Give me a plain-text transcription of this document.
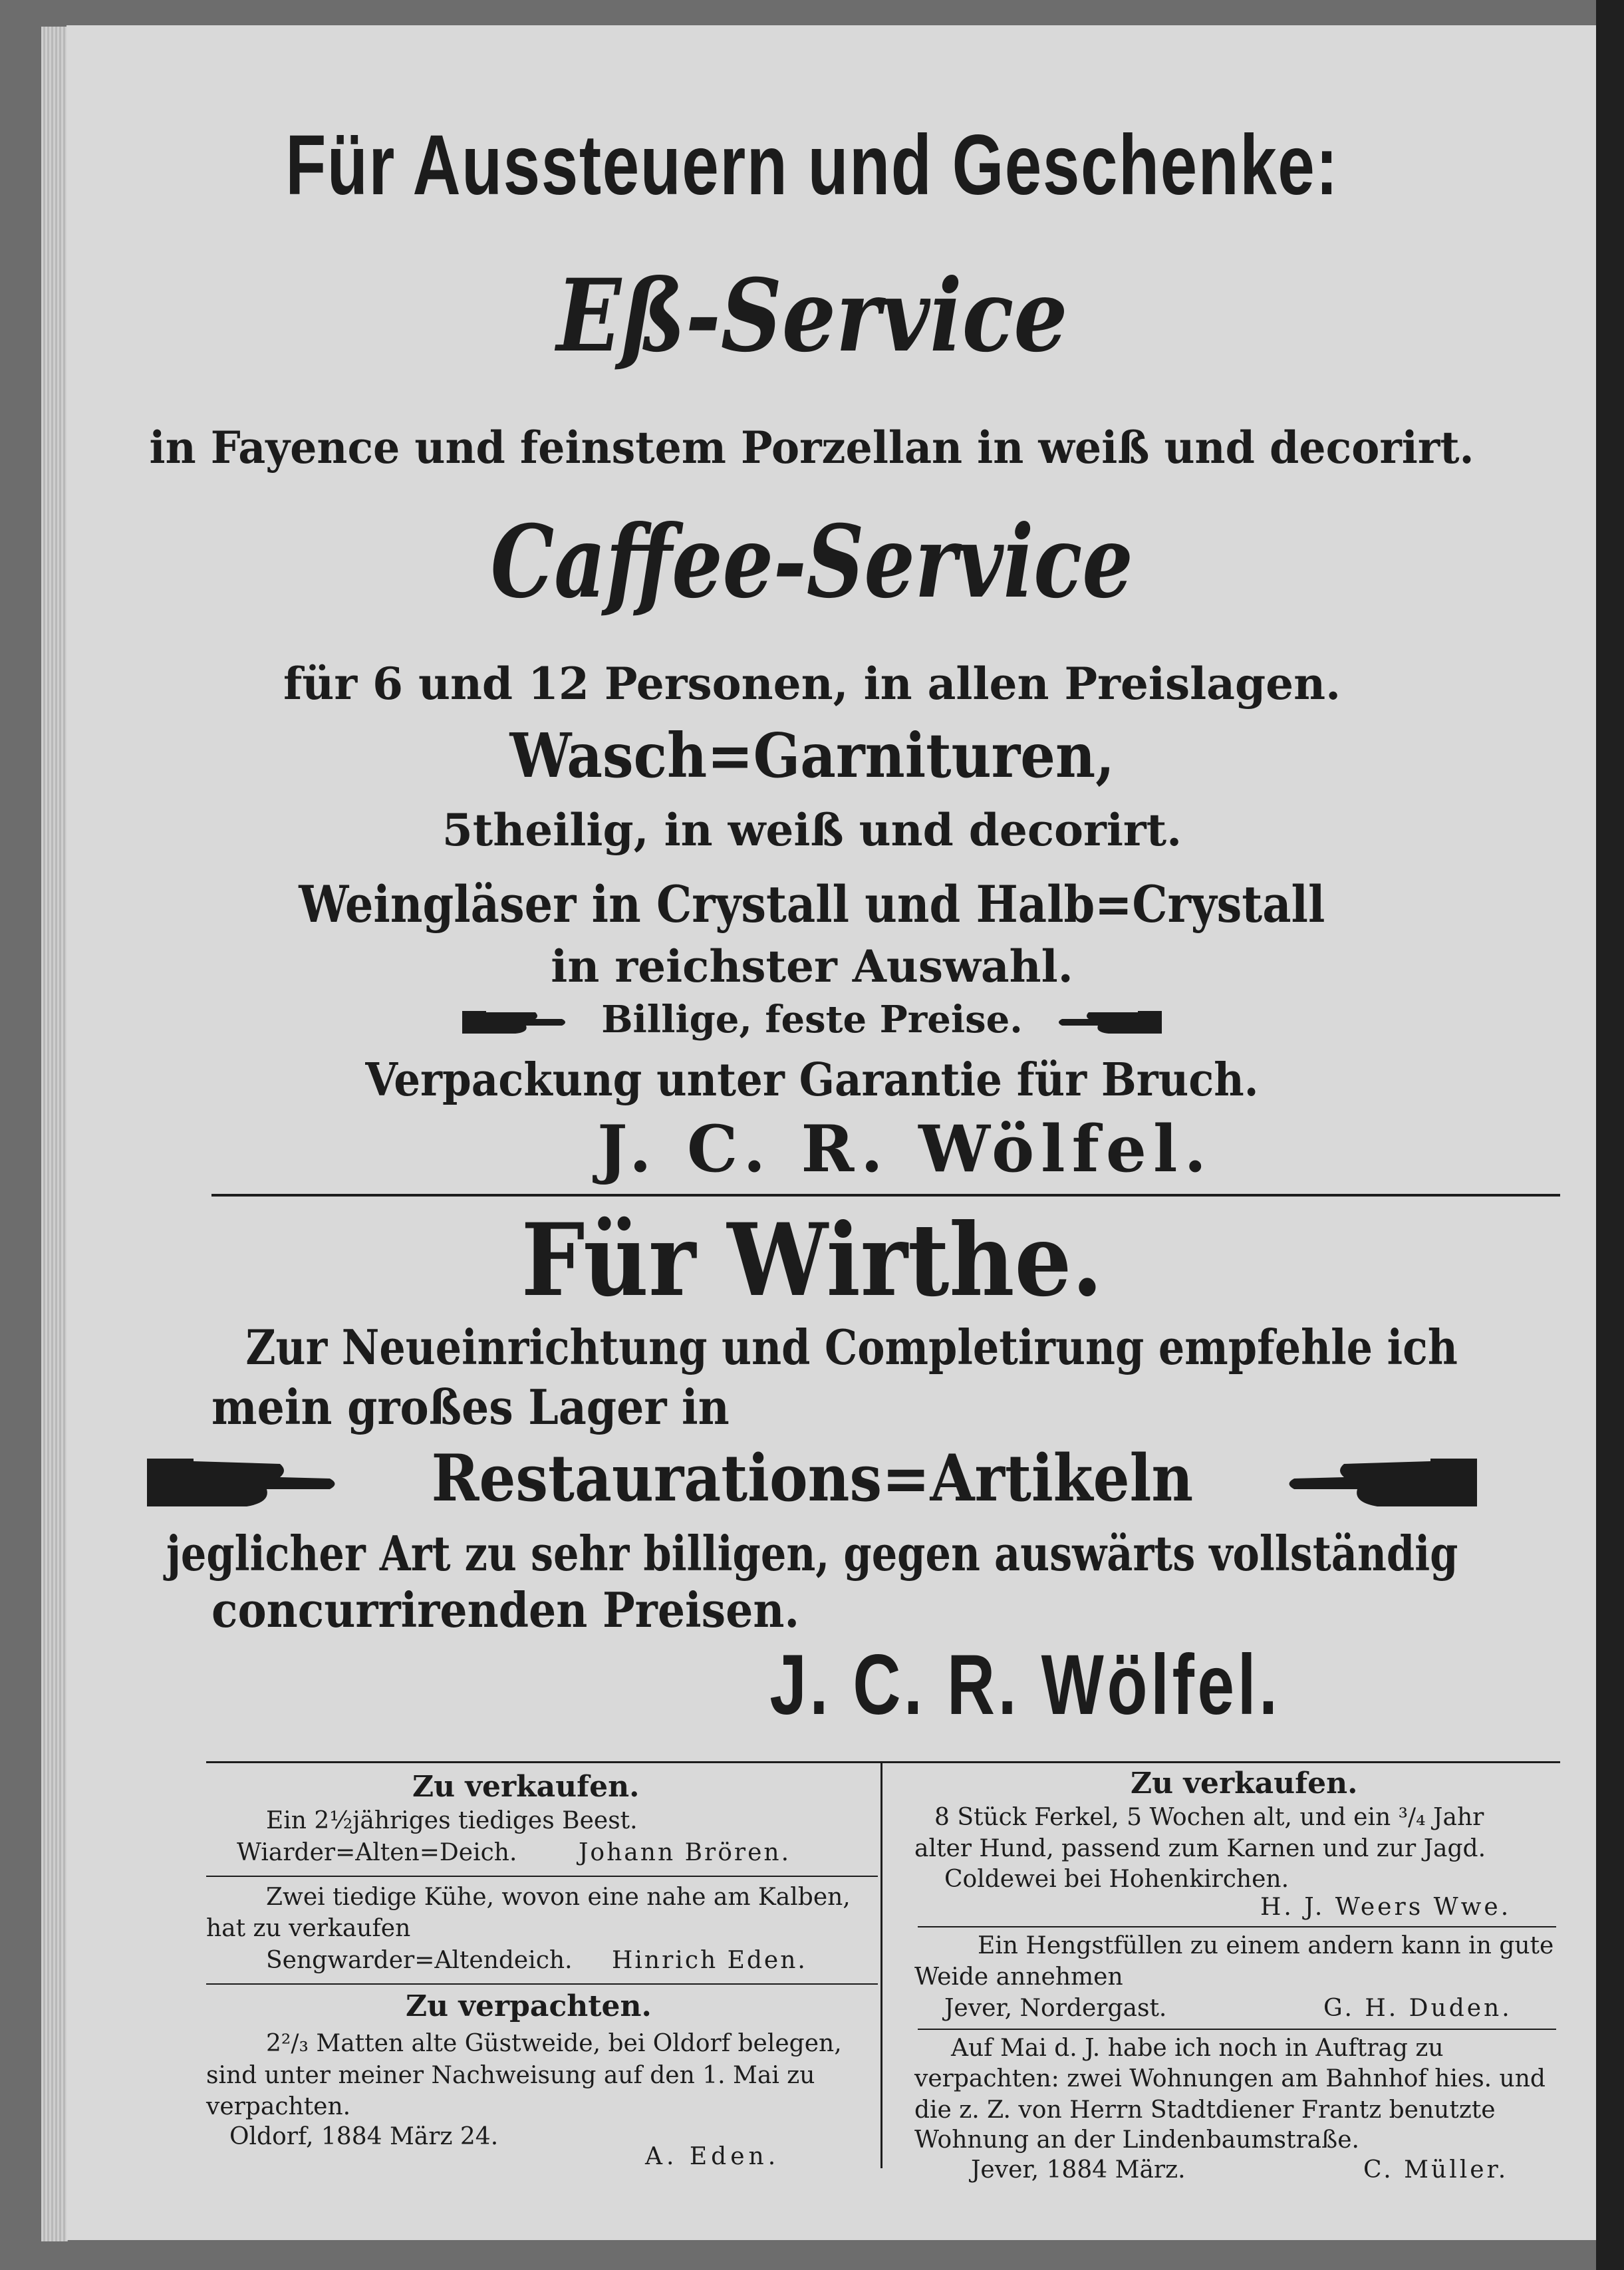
Für Aussteuern und Geschenke:
Eß-Service
in Fayence und feinstem Porzellan in weiß und decorirt.
Caffee-Service
für 6 und 12 Personen, in allen Preislagen.
Wasch=Garnituren,
5theilig, in weiß und decorirt.
Weingläser in Crystall und Halb=Crystall
in reichster Auswahl.
Billige, feste Preise.
Verpackung unter Garantie für Bruch.
J. C. R. Wölfel.
Für Wirthe.
Zur Neueinrichtung und Completirung empfehle ich
mein großes Lager in
Restaurations=Artikeln
jeglicher Art zu sehr billigen, gegen auswärts vollständig
concurrirenden Preisen.
J. C. R. Wölfel.
Zu verkaufen.
Ein 2½jähriges tiediges Beest.
Wiarder=Alten=Deich.	Johann Brören.
Zwei tiedige Kühe, wovon eine nahe am Kalben,
hat zu verkaufen
Sengwarder=Altendeich. Hinrich Eden.
Zu verpachten.
2²/₃ Matten alte Güstweide, bei Oldorf belegen,
sind unter meiner Nachweisung auf den 1. Mai zu
verpachten.
Oldorf, 1884 März 24.
A. Eden.
Zu verkaufen.
8 Stück Ferkel, 5 Wochen alt, und ein ³/₄ Jahr
alter Hund, passend zum Karnen und zur Jagd.
Coldewei bei Hohenkirchen.
H. J. Weers Wwe.
Ein Hengstfüllen zu einem andern kann in gute
Weide annehmen
Jever, Nordergast.	G. H. Duden.
Auf Mai d. J. habe ich noch in Auftrag zu
verpachten: zwei Wohnungen am Bahnhof hies. und
die z. Z. von Herrn Stadtdiener Frantz benutzte
Wohnung an der Lindenbaumstraße.
Jever, 1884 März.	C. Müller.
